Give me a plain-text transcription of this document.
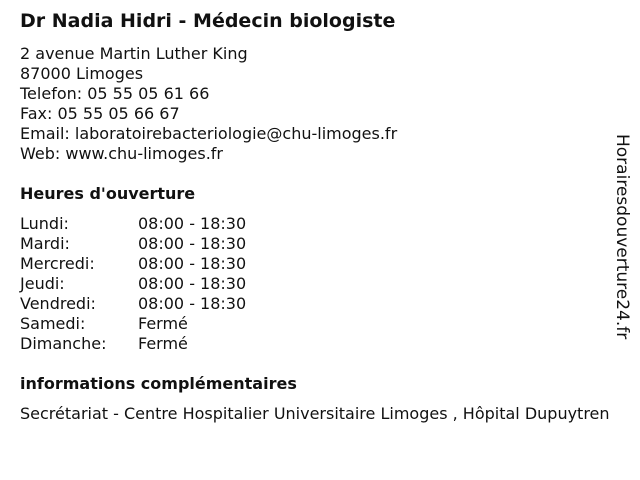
Dr Nadia Hidri - Médecin biologiste
2 avenue Martin Luther King
87000 Limoges
Telefon: 05 55 05 61 66
Fax: 05 55 05 66 67
Email: laboratoirebacteriologie@chu-limoges.fr
Web: www.chu-limoges.fr
Heures d'ouverture
Lundi:	08:00 - 18:30
Mardi:	08:00 - 18:30
Mercredi:	08:00 - 18:30
Jeudi:	08:00 - 18:30
Vendredi:	08:00 - 18:30
Samedi:	Fermé
Dimanche: Fermé
informations complémentaires
Secrétariat - Centre Hospitalier Universitaire Limoges , Hôpital Dupuytren
Horairesdouverture24.fr
